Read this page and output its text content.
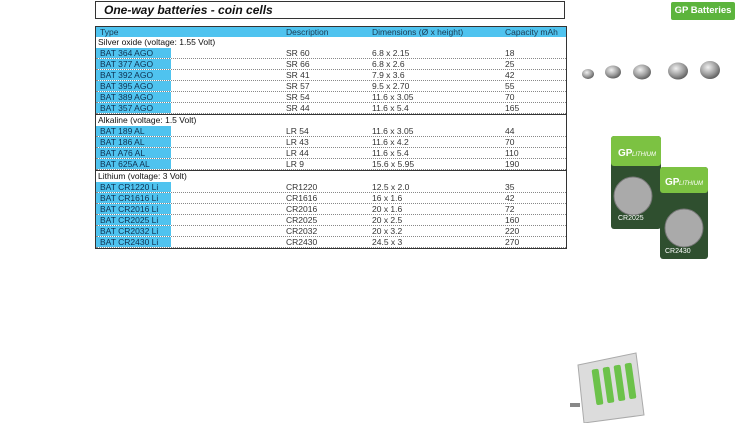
One-way batteries - coin cells	GP Batteries
Type	Description	Dimensions (Ø x height)	Capacity mAh
Silver oxide (voltage: 1.55 Volt)
BAT 364 AGO	SR 60	6.8 x 2.15	18
BAT 377 AGO	SR 66	6.8 x 2.6	25
BAT 392 AGO	SR 41	7.9 x 3.6	42
BAT 395 AGO	SR 57	9.5 x 2.70	55
BAT 389 AGO	SR 54	11.6 x 3.05	70
BAT 357 AGO	SR 44	11.6 x 5.4	165
Alkaline (voltage: 1.5 Volt)
BAT 189 AL	LR 54	11.6 x 3.05	44
BAT 186 AL	LR 43	11.6 x 4.2	70
BAT A76 AL	LR 44	11.6 x 5.4	110
BAT 625A AL	LR 9	15.6 x 5.95	190
Lithium (voltage: 3 Volt)
BAT CR1220 Li	CR1220	12.5 x 2.0	35
BAT CR1616 Li	CR1616	16 x 1.6	42
BAT CR2016 Li	CR2016	20 x 1.6	72
BAT CR2025 Li	CR2025	20 x 2.5	160
BAT CR2032 Li	CR2032	20 x 3.2	220
BAT CR2430 Li	CR2430	24.5 x 3	270
GP LITHIUM
CR2025
GP LITHIUM
CR2430
